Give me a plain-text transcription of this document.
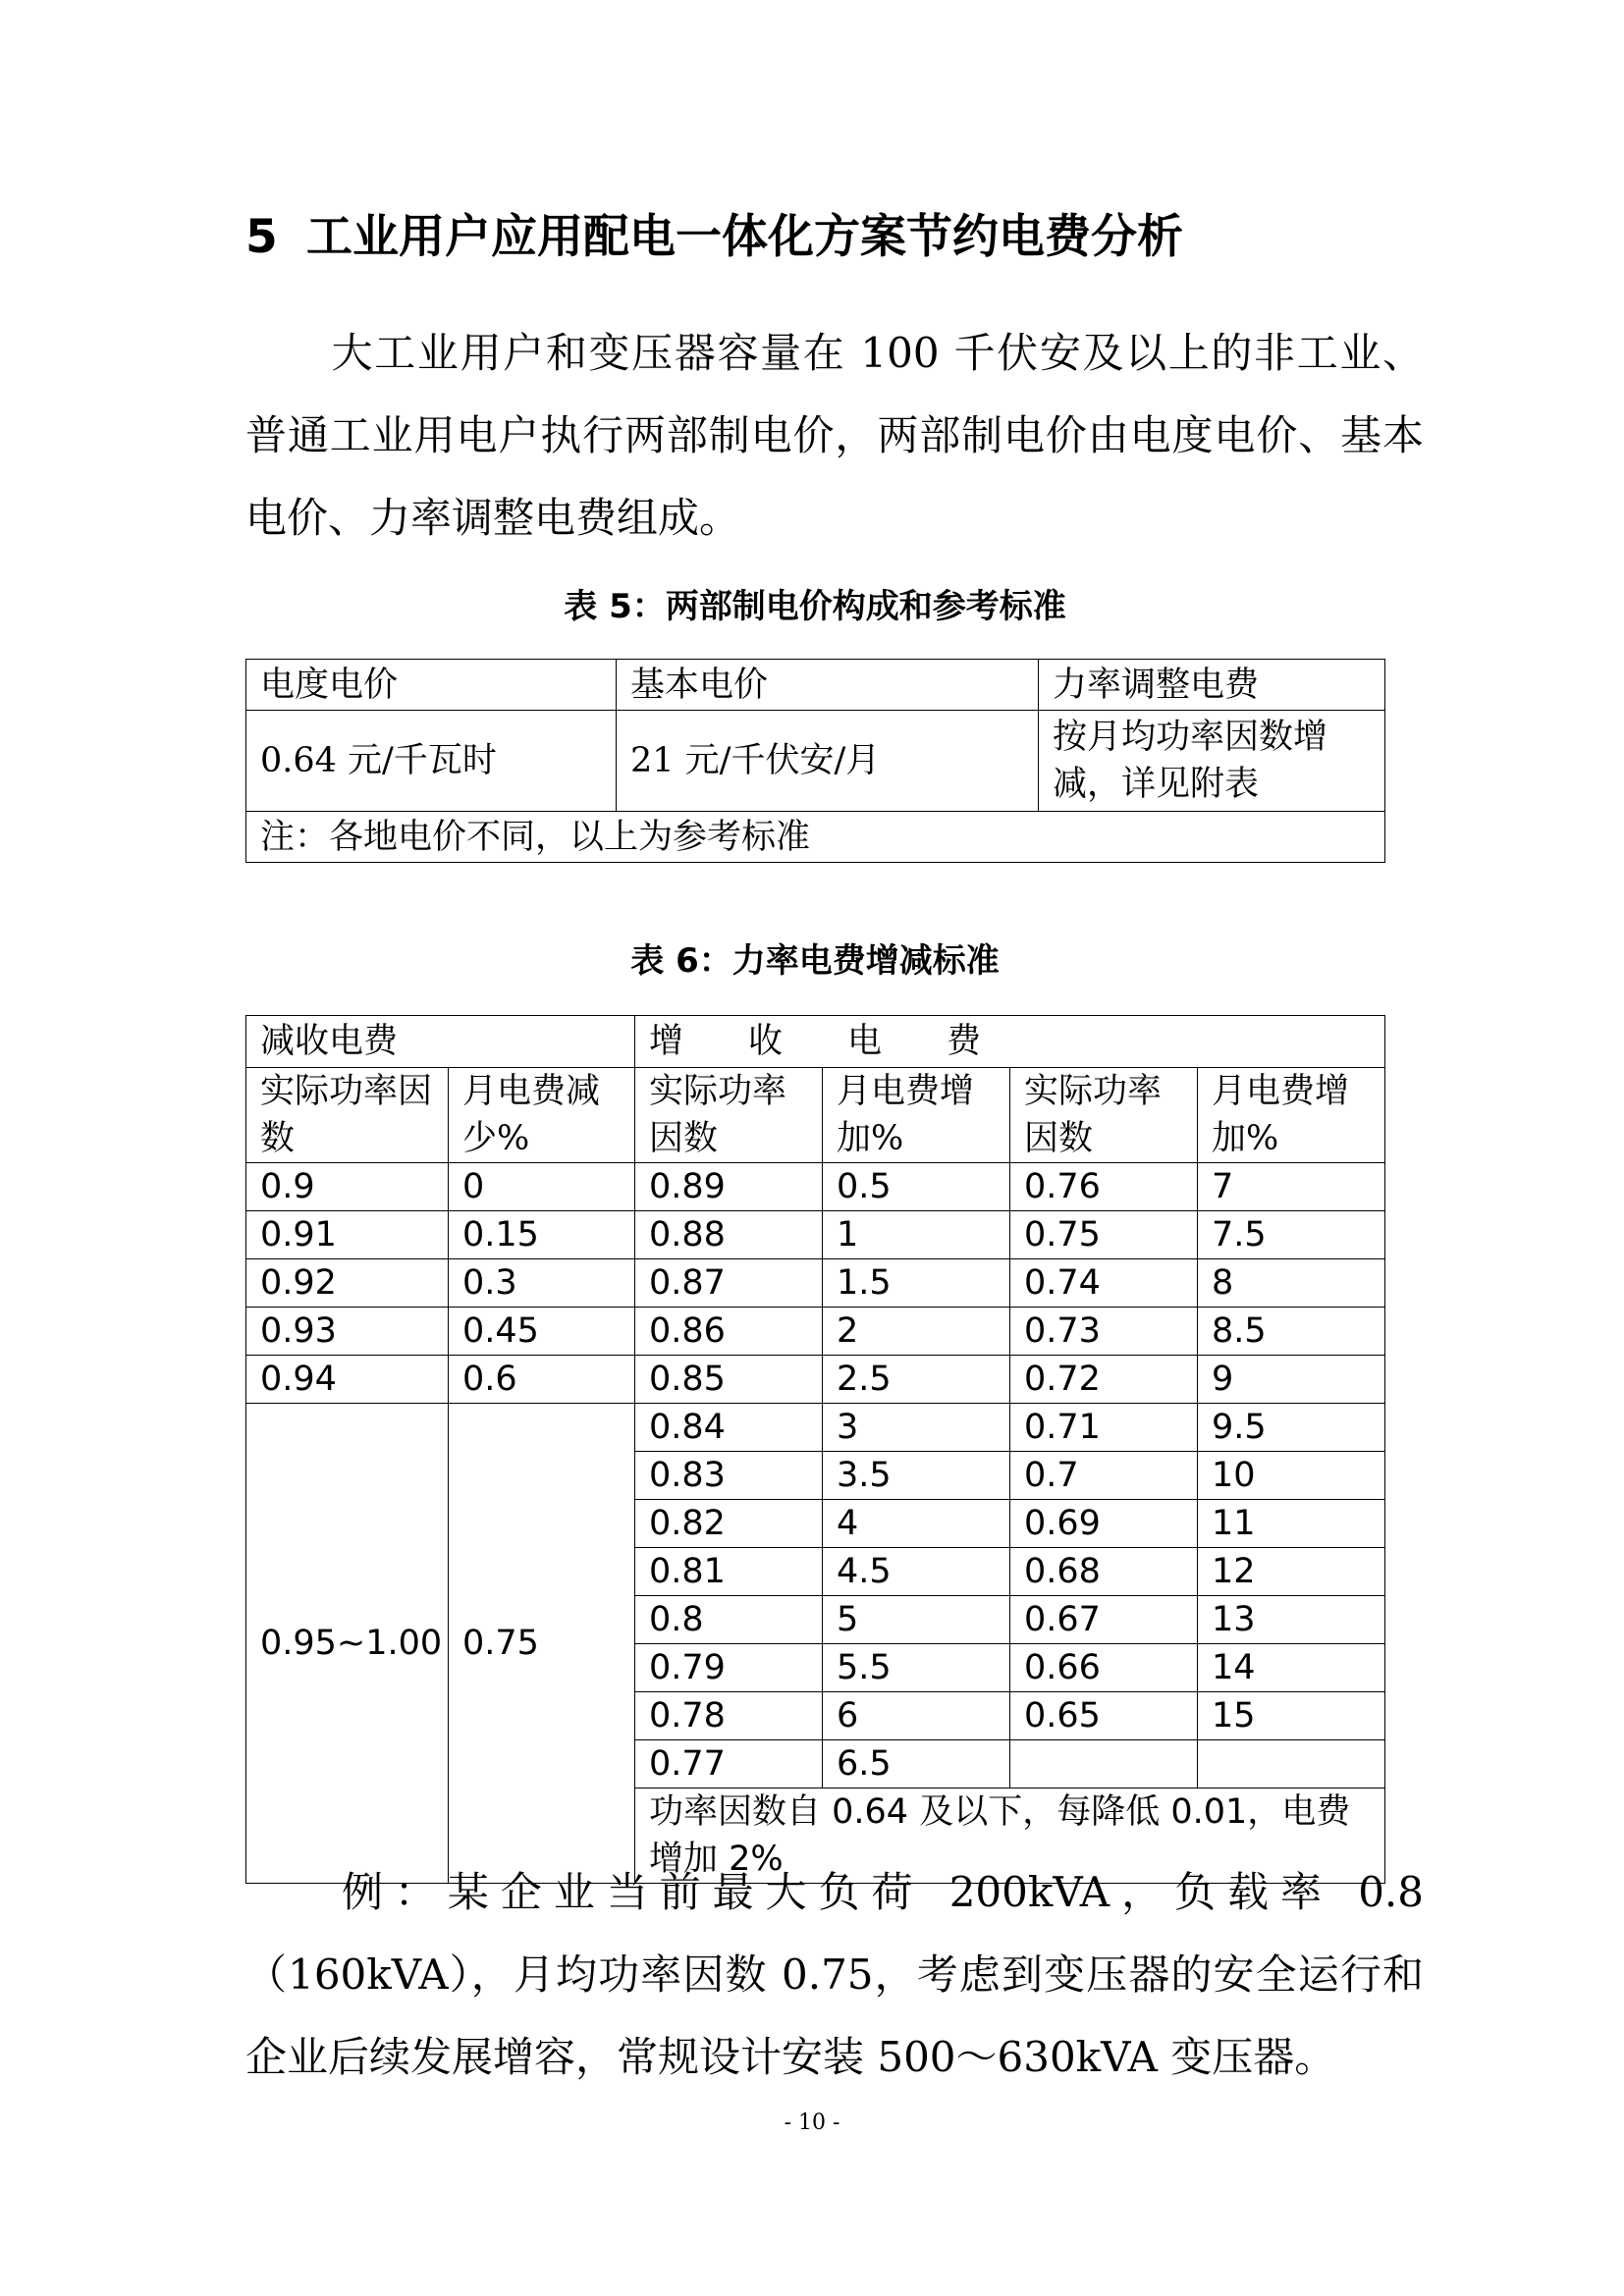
5 工业用户应用配电一体化方案节约电费分析

大工业用户和变压器容量在 100 千伏安及以上的非工业、普通工业用电户执行两部制电价，两部制电价由电度电价、基本电价、力率调整电费组成。

表 5：两部制电价构成和参考标准
电度电价	基本电价	力率调整电费
0.64 元/千瓦时	21 元/千伏安/月	按月均功率因数增减，详见附表
注：各地电价不同，以上为参考标准		
表 6：力率电费增减标准
减收电费		增收电费			
实际功率因数	月电费减少%	实际功率因数	月电费增加%	实际功率因数	月电费增加%
0.9	0	0.89	0.5	0.76	7
0.91	0.15	0.88	1	0.75	7.5
0.92	0.3	0.87	1.5	0.74	8
0.93	0.45	0.86	2	0.73	8.5
0.94	0.6	0.85	2.5	0.72	9
0.95~1.00	0.75	0.84	3	0.71	9.5
		0.83	3.5	0.7	10
		0.82	4	0.69	11
		0.81	4.5	0.68	12
		0.8	5	0.67	13
		0.79	5.5	0.66	14
		0.78	6	0.65	15
		0.77	6.5		
		功率因数自 0.64 及以下，每降低 0.01，电费增加 2%			

例：某企业当前最大负荷 200kVA，负载率 0.8（160kVA），月均功率因数 0.75，考虑到变压器的安全运行和企业后续发展增容，常规设计安装 500～630kVA 变压器。

- 10 -
